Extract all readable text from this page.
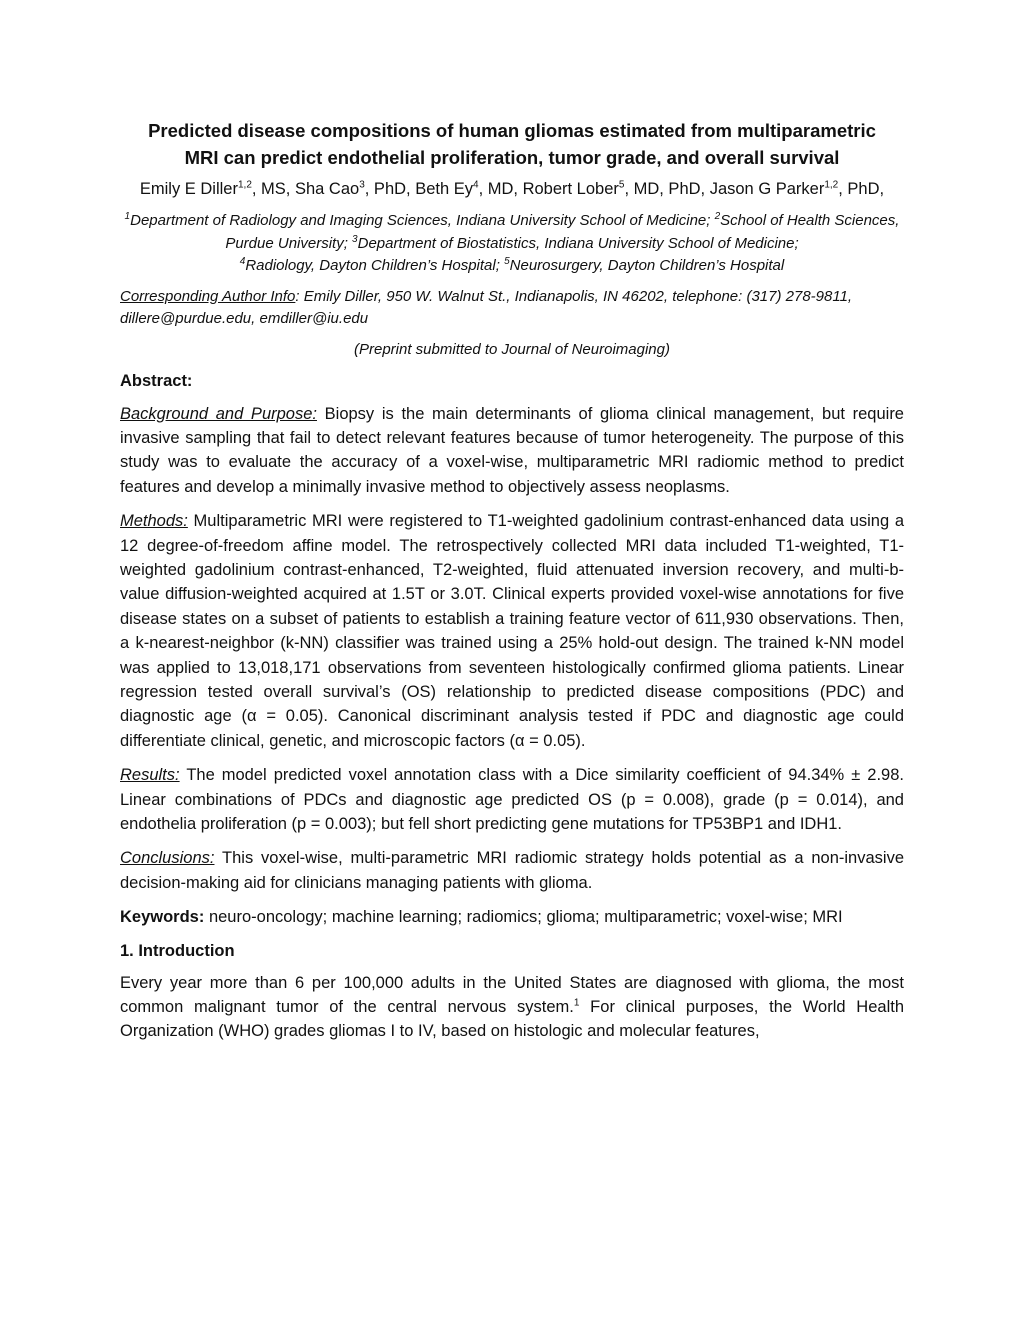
Predicted disease compositions of human gliomas estimated from multiparametric MRI can predict endothelial proliferation, tumor grade, and overall survival
Emily E Diller$^{1,2}$, MS, Sha Cao$^3$, PhD, Beth Ey$^4$, MD, Robert Lober$^5$, MD, PhD, Jason G Parker$^{1,2}$, PhD,
$^1$Department of Radiology and Imaging Sciences, Indiana University School of Medicine; $^2$School of Health Sciences, Purdue University; $^3$Department of Biostatistics, Indiana University School of Medicine;
$^4$Radiology, Dayton Children’s Hospital; $^5$Neurosurgery, Dayton Children’s Hospital
Corresponding Author Info: Emily Diller, 950 W. Walnut St., Indianapolis, IN 46202, telephone: (317) 278-9811, dillere@purdue.edu, emdiller@iu.edu
(Preprint submitted to Journal of Neuroimaging)
Abstract:

Background and Purpose: Biopsy is the main determinants of glioma clinical management, but require invasive sampling that fail to detect relevant features because of tumor heterogeneity. The purpose of this study was to evaluate the accuracy of a voxel-wise, multiparametric MRI radiomic method to predict features and develop a minimally invasive method to objectively assess neoplasms.

Methods: Multiparametric MRI were registered to T1-weighted gadolinium contrast-enhanced data using a 12 degree-of-freedom affine model. The retrospectively collected MRI data included T1-weighted, T1-weighted gadolinium contrast-enhanced, T2-weighted, fluid attenuated inversion recovery, and multi-b-value diffusion-weighted acquired at 1.5T or 3.0T. Clinical experts provided voxel-wise annotations for five disease states on a subset of patients to establish a training feature vector of 611,930 observations. Then, a k-nearest-neighbor (k-NN) classifier was trained using a 25% hold-out design. The trained k-NN model was applied to 13,018,171 observations from seventeen histologically confirmed glioma patients. Linear regression tested overall survival’s (OS) relationship to predicted disease compositions (PDC) and diagnostic age (α = 0.05). Canonical discriminant analysis tested if PDC and diagnostic age could differentiate clinical, genetic, and microscopic factors (α = 0.05).

Results: The model predicted voxel annotation class with a Dice similarity coefficient of 94.34% ± 2.98. Linear combinations of PDCs and diagnostic age predicted OS (p = 0.008), grade (p = 0.014), and endothelia proliferation (p = 0.003); but fell short predicting gene mutations for TP53BP1 and IDH1.

Conclusions: This voxel-wise, multi-parametric MRI radiomic strategy holds potential as a non-invasive decision-making aid for clinicians managing patients with glioma.

Keywords: neuro-oncology; machine learning; radiomics; glioma; multiparametric; voxel-wise; MRI

1. Introduction

Every year more than 6 per 100,000 adults in the United States are diagnosed with glioma, the most common malignant tumor of the central nervous system.$^1$ For clinical purposes, the World Health Organization (WHO) grades gliomas I to IV, based on histologic and molecular features,
